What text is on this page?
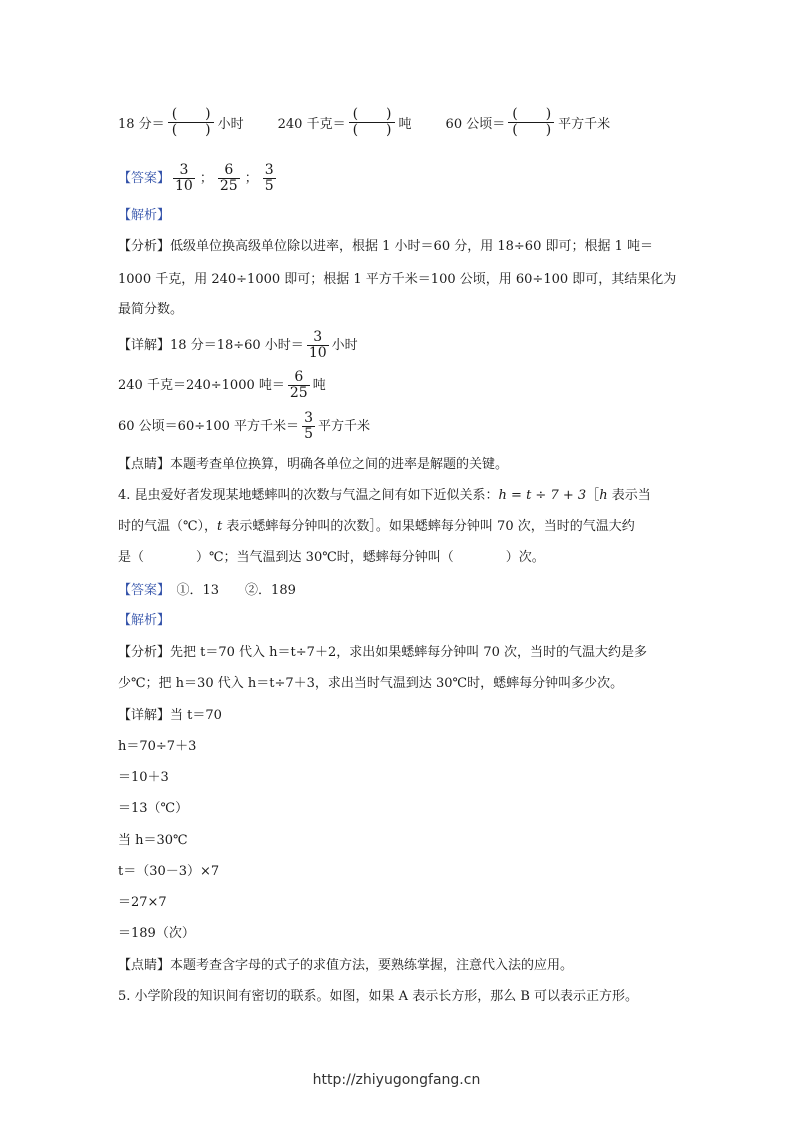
18 分＝ $\frac{( )}{( )}$ 小时	240 千克＝ $\frac{( )}{( )}$ 吨	60 公顷＝ $\frac{( )}{( )}$ 平方千米
【答案】 $\frac{3}{10}$ ； $\frac{6}{25}$ ； $\frac{3}{5}$
【解析】
【分析】低级单位换高级单位除以进率，根据 1 小时＝60 分，用 18÷60 即可；根据 1 吨＝
1000 千克，用 240÷1000 即可；根据 1 平方千米＝100 公顷，用 60÷100 即可，其结果化为
最简分数。
【详解】 18 分＝18÷60 小时＝ $\frac{3}{10}$ 小时
240 千克＝240÷1000 吨＝ $\frac{6}{25}$ 吨
60 公顷＝60÷100 平方千米＝ $\frac{3}{5}$ 平方千米
【点睛】本题考查单位换算，明确各单位之间的进率是解题的关键。
4. 昆虫爱好者发现某地蟋蟀叫的次数与气温之间有如下近似关系：h = t ÷ 7 + 3［h 表示当
时的气温（℃），t 表示蟋蟀每分钟叫的次数］。如果蟋蟀每分钟叫 70 次，当时的气温大约
是（　　　　）℃；当气温到达 30℃时，蟋蟀每分钟叫（　　　　）次。
【答案】　①．13　　②．189
【解析】
【分析】先把 t＝70 代入 h＝t÷7＋2，求出如果蟋蟀每分钟叫 70 次，当时的气温大约是多
少℃；把 h＝30 代入 h＝t÷7＋3，求出当时气温到达 30℃时，蟋蟀每分钟叫多少次。
【详解】当 t＝70
h＝70÷7＋3
＝10＋3
＝13（℃）
当 h＝30℃
t＝（30－3）×7
＝27×7
＝189（次）
【点睛】本题考查含字母的式子的求值方法，要熟练掌握，注意代入法的应用。
5. 小学阶段的知识间有密切的联系。如图，如果 A 表示长方形，那么 B 可以表示正方形。
http://zhiyugongfang.cn
